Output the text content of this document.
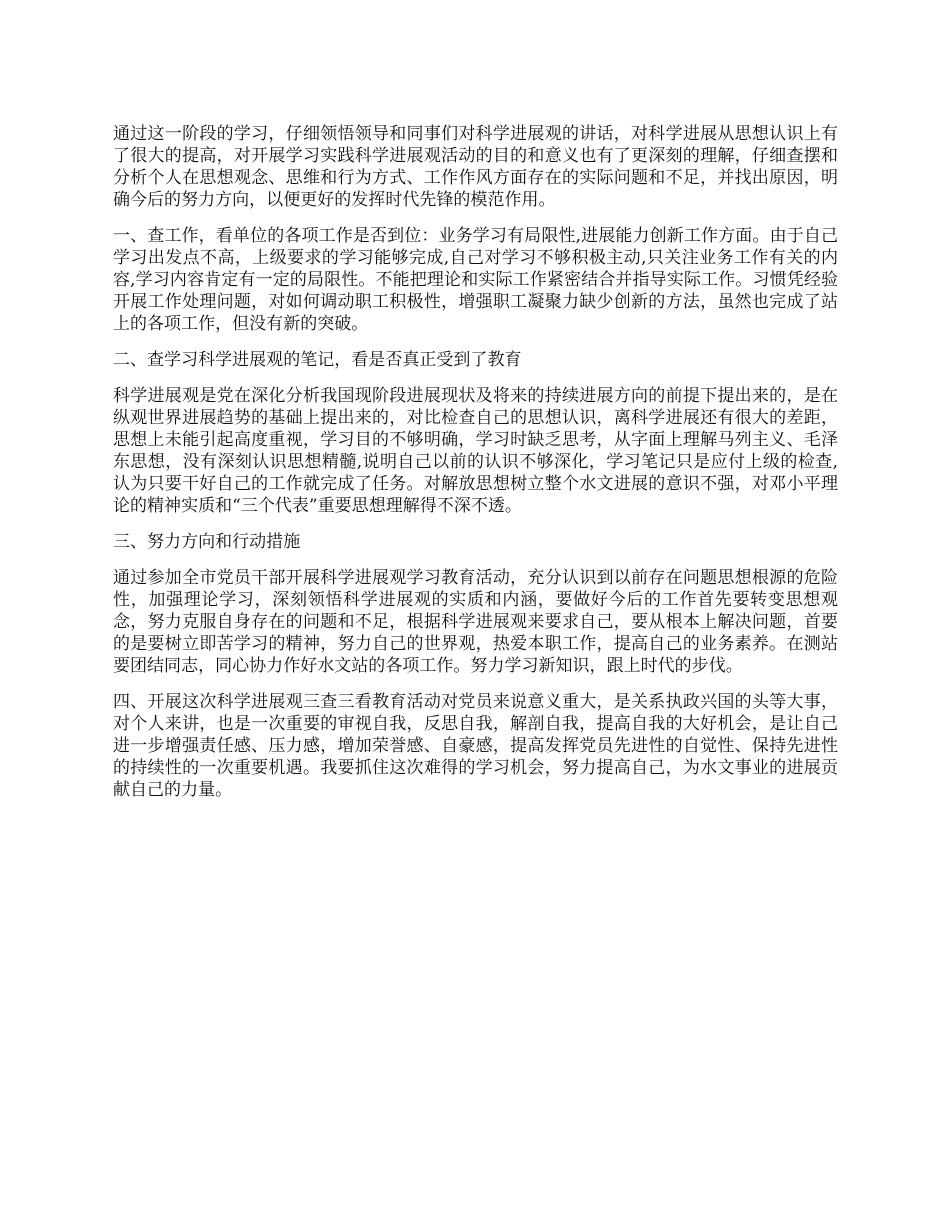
通过这一阶段的学习，仔细领悟领导和同事们对科学进展观的讲话，对科学进展从思想认识上有了很大的提高，对开展学习实践科学进展观活动的目的和意义也有了更深刻的理解，仔细查摆和分析个人在思想观念、思维和行为方式、工作作风方面存在的实际问题和不足，并找出原因，明确今后的努力方向，以便更好的发挥时代先锋的模范作用。

一、查工作，看单位的各项工作是否到位：业务学习有局限性,进展能力创新工作方面。由于自己学习出发点不高，上级要求的学习能够完成,自己对学习不够积极主动,只关注业务工作有关的内容,学习内容肯定有一定的局限性。不能把理论和实际工作紧密结合并指导实际工作。习惯凭经验开展工作处理问题，对如何调动职工积极性，增强职工凝聚力缺少创新的方法，虽然也完成了站上的各项工作，但没有新的突破。

二、查学习科学进展观的笔记，看是否真正受到了教育

科学进展观是党在深化分析我国现阶段进展现状及将来的持续进展方向的前提下提出来的，是在纵观世界进展趋势的基础上提出来的，对比检查自己的思想认识，离科学进展还有很大的差距，思想上未能引起高度重视，学习目的不够明确，学习时缺乏思考，从字面上理解马列主义、毛泽东思想，没有深刻认识思想精髓,说明自己以前的认识不够深化，学习笔记只是应付上级的检查,认为只要干好自己的工作就完成了任务。对解放思想树立整个水文进展的意识不强，对邓小平理论的精神实质和“三个代表”重要思想理解得不深不透。

三、努力方向和行动措施

通过参加全市党员干部开展科学进展观学习教育活动，充分认识到以前存在问题思想根源的危险性，加强理论学习，深刻领悟科学进展观的实质和内涵，要做好今后的工作首先要转变思想观念，努力克服自身存在的问题和不足，根据科学进展观来要求自己，要从根本上解决问题，首要的是要树立即苦学习的精神，努力自己的世界观，热爱本职工作，提高自己的业务素养。在测站要团结同志，同心协力作好水文站的各项工作。努力学习新知识，跟上时代的步伐。

四、开展这次科学进展观三查三看教育活动对党员来说意义重大，是关系执政兴国的头等大事，对个人来讲，也是一次重要的审视自我，反思自我，解剖自我，提高自我的大好机会，是让自己进一步增强责任感、压力感，增加荣誉感、自豪感，提高发挥党员先进性的自觉性、保持先进性的持续性的一次重要机遇。我要抓住这次难得的学习机会，努力提高自己，为水文事业的进展贡献自己的力量。
